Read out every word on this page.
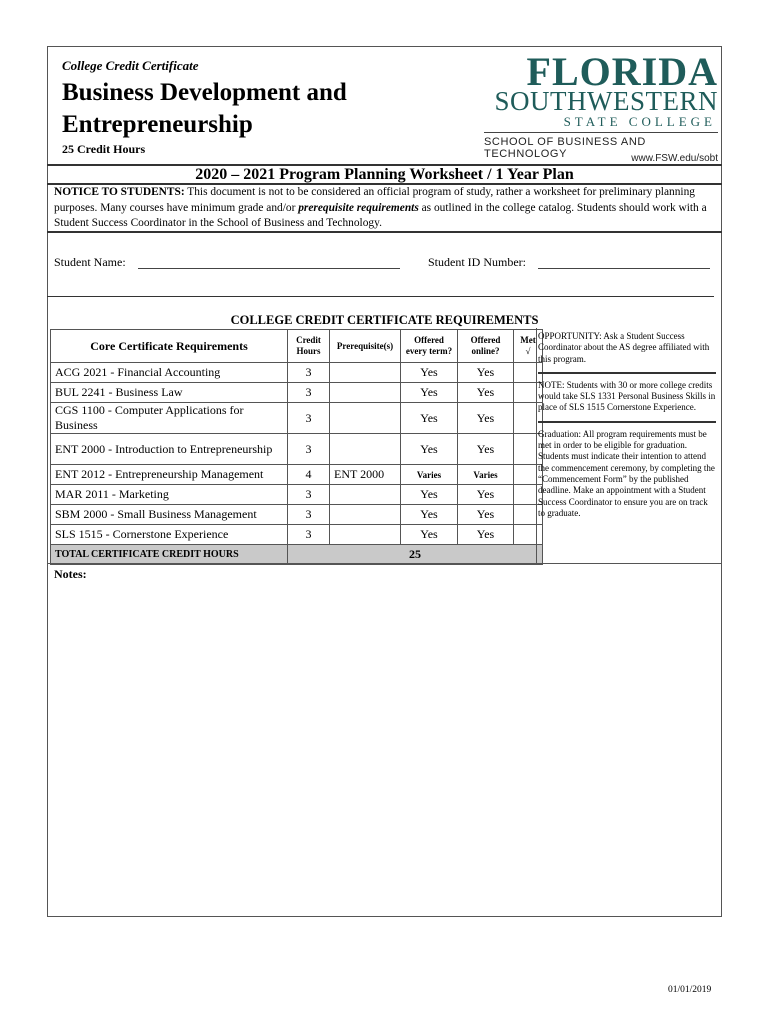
College Credit Certificate
Business Development and
Entrepreneurship
25 Credit Hours
FLORIDA
SOUTHWESTERN
STATE COLLEGE
SCHOOL OF BUSINESS AND TECHNOLOGY	www.FSW.edu/sobt
2020 – 2021 Program Planning Worksheet / 1 Year Plan
NOTICE TO STUDENTS: This document is not to be considered an official program of study, rather a worksheet for preliminary planning purposes. Many courses have minimum grade and/or prerequisite requirements as outlined in the college catalog. Students should work with a Student Success Coordinator in the School of Business and Technology.
Student Name:	Student ID Number:
COLLEGE CREDIT CERTIFICATE REQUIREMENTS
Core Certificate Requirements	Credit Hours	Prerequisite(s)	Offered every term?	Offered online?	Met
√
ACG 2021 - Financial Accounting	3		Yes	Yes	
BUL 2241 - Business Law	3		Yes	Yes	
CGS 1100 - Computer Applications for Business	3		Yes	Yes	
ENT 2000 - Introduction to Entrepreneurship	3		Yes	Yes	
ENT 2012 - Entrepreneurship Management	4	ENT 2000	Varies	Varies	
MAR 2011 - Marketing	3		Yes	Yes	
SBM 2000 - Small Business Management	3		Yes	Yes	
SLS 1515 - Cornerstone Experience	3		Yes	Yes	
TOTAL CERTIFICATE CREDIT HOURS	25				
OPPORTUNITY: Ask a Student Success Coordinator about the AS degree affiliated with this program.
NOTE: Students with 30 or more college credits would take SLS 1331 Personal Business Skills in place of SLS 1515 Cornerstone Experience.
Graduation: All program requirements must be met in order to be eligible for graduation. Students must indicate their intention to attend the commencement ceremony, by completing the “Commencement Form” by the published deadline. Make an appointment with a Student Success Coordinator to ensure you are on track to graduate.
Notes:
01/01/2019
